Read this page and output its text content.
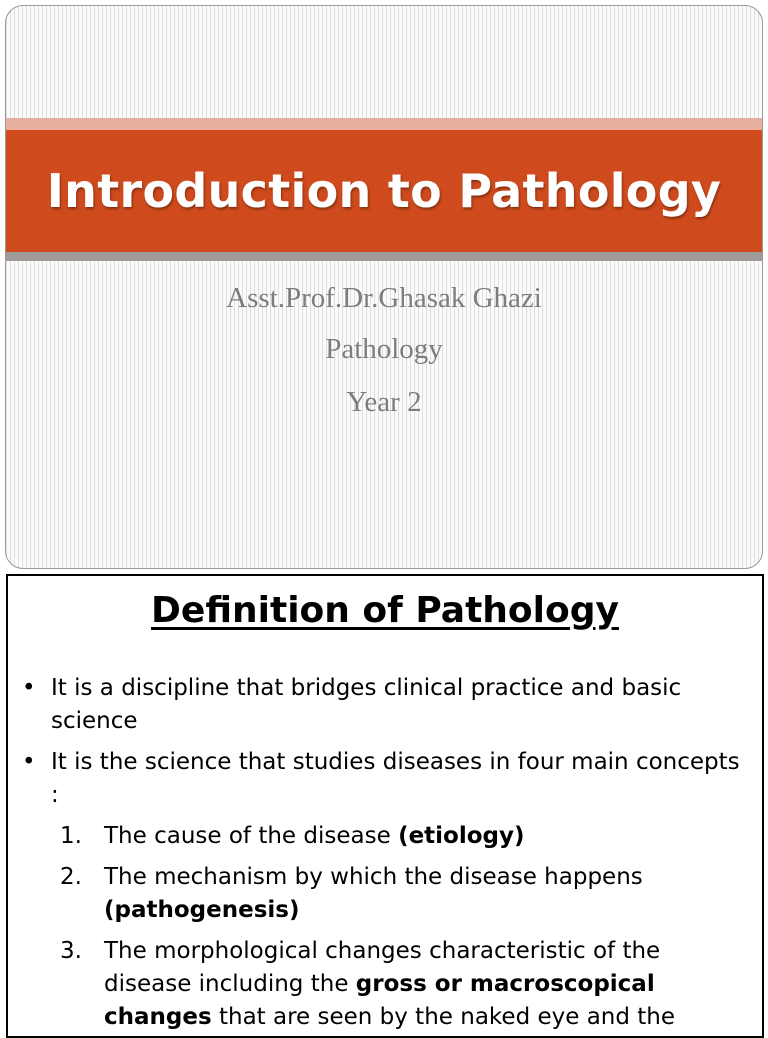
Introduction to Pathology
Asst.Prof.Dr.Ghasak Ghazi
Pathology
Year 2
Definition of Pathology
• It is a discipline that bridges clinical practice and basic science
• It is the science that studies diseases in four main concepts :
1. The cause of the disease (etiology)
2. The mechanism by which the disease happens (pathogenesis)
3. The morphological changes characteristic of the disease including the gross or macroscopical changes that are seen by the naked eye and the
